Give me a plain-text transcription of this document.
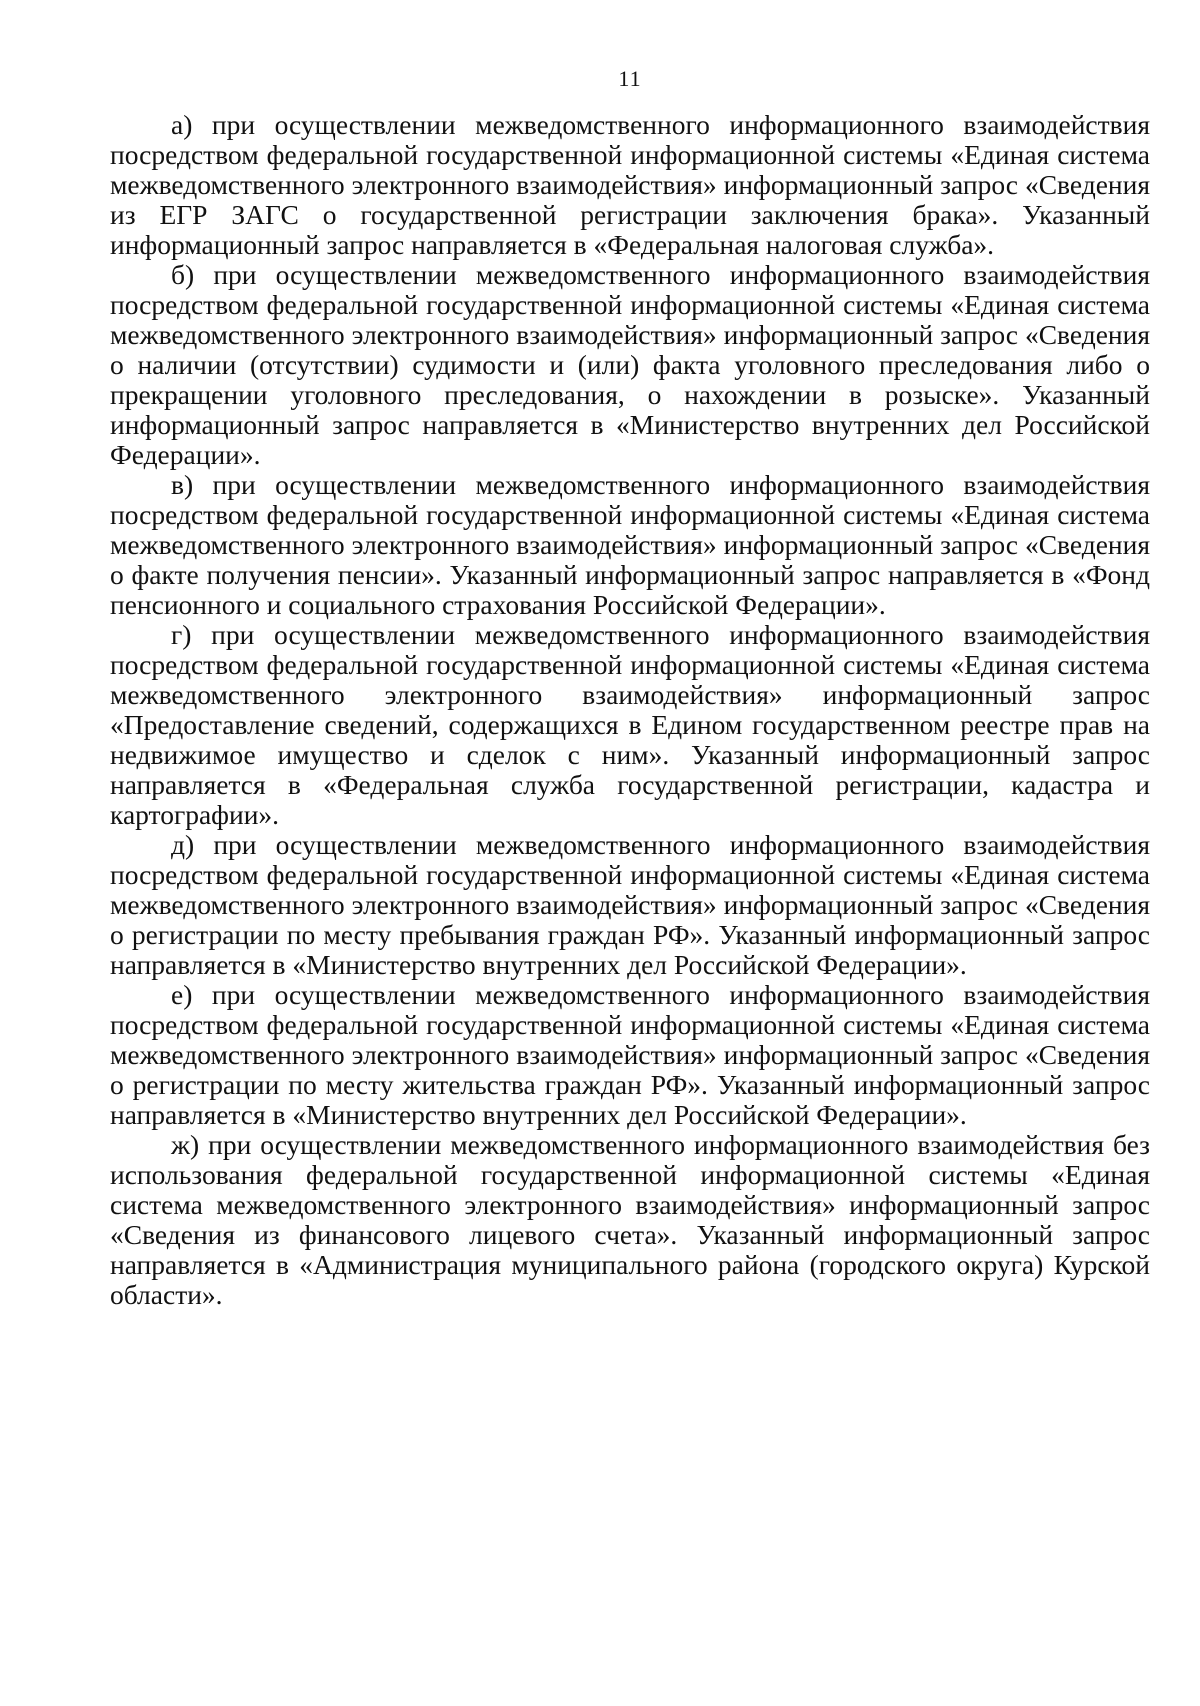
11

а) при осуществлении межведомственного информационного взаимодействия посредством федеральной государственной информационной системы «Единая система межведомственного электронного взаимодействия» информационный запрос «Сведения из ЕГР ЗАГС о государственной регистрации заключения брака». Указанный информационный запрос направляется в «Федеральная налоговая служба».

б) при осуществлении межведомственного информационного взаимодействия посредством федеральной государственной информационной системы «Единая система межведомственного электронного взаимодействия» информационный запрос «Сведения о наличии (отсутствии) судимости и (или) факта уголовного преследования либо о прекращении уголовного преследования, о нахождении в розыске». Указанный информационный запрос направляется в «Министерство внутренних дел Российской Федерации».

в) при осуществлении межведомственного информационного взаимодействия посредством федеральной государственной информационной системы «Единая система межведомственного электронного взаимодействия» информационный запрос «Сведения о факте получения пенсии». Указанный информационный запрос направляется в «Фонд пенсионного и социального страхования Российской Федерации».

г) при осуществлении межведомственного информационного взаимодействия посредством федеральной государственной информационной системы «Единая система межведомственного электронного взаимодействия» информационный запрос «Предоставление сведений, содержащихся в Едином государственном реестре прав на недвижимое имущество и сделок с ним». Указанный информационный запрос направляется в «Федеральная служба государственной регистрации, кадастра и картографии».

д) при осуществлении межведомственного информационного взаимодействия посредством федеральной государственной информационной системы «Единая система межведомственного электронного взаимодействия» информационный запрос «Сведения о регистрации по месту пребывания граждан РФ». Указанный информационный запрос направляется в «Министерство внутренних дел Российской Федерации».

е) при осуществлении межведомственного информационного взаимодействия посредством федеральной государственной информационной системы «Единая система межведомственного электронного взаимодействия» информационный запрос «Сведения о регистрации по месту жительства граждан РФ». Указанный информационный запрос направляется в «Министерство внутренних дел Российской Федерации».

ж) при осуществлении межведомственного информационного взаимодействия без использования федеральной государственной информационной системы «Единая система межведомственного электронного взаимодействия» информационный запрос «Сведения из финансового лицевого счета». Указанный информационный запрос направляется в «Администрация муниципального района (городского округа) Курской области».
